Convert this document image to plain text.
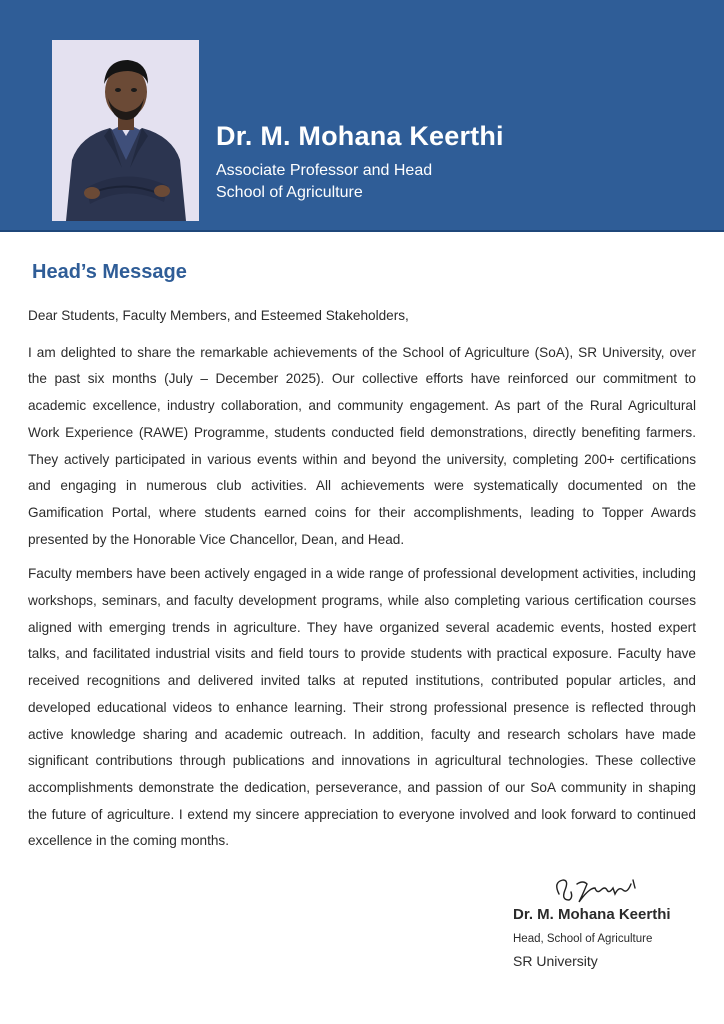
Dr. M. Mohana Keerthi
Associate Professor and Head
School of Agriculture
Head’s Message

Dear Students, Faculty Members, and Esteemed Stakeholders,

I am delighted to share the remarkable achievements of the School of Agriculture (SoA), SR University, over the past six months (July – December 2025). Our collective efforts have reinforced our commitment to academic excellence, industry collaboration, and community engagement. As part of the Rural Agricultural Work Experience (RAWE) Programme, students conducted field demonstrations, directly benefiting farmers. They actively participated in various events within and beyond the university, completing 200+ certifications and engaging in numerous club activities. All achievements were systematically documented on the Gamification Portal, where students earned coins for their accomplishments, leading to Topper Awards presented by the Honorable Vice Chancellor, Dean, and Head.

Faculty members have been actively engaged in a wide range of professional development activities, including workshops, seminars, and faculty development programs, while also completing various certification courses aligned with emerging trends in agriculture. They have organized several academic events, hosted expert talks, and facilitated industrial visits and field tours to provide students with practical exposure. Faculty have received recognitions and delivered invited talks at reputed institutions, contributed popular articles, and developed educational videos to enhance learning. Their strong professional presence is reflected through active knowledge sharing and academic outreach. In addition, faculty and research scholars have made significant contributions through publications and innovations in agricultural technologies. These collective accomplishments demonstrate the dedication, perseverance, and passion of our SoA community in shaping the future of agriculture. I extend my sincere appreciation to everyone involved and look forward to continued excellence in the coming months.

Dr. M. Mohana Keerthi
Head, School of Agriculture
SR University
